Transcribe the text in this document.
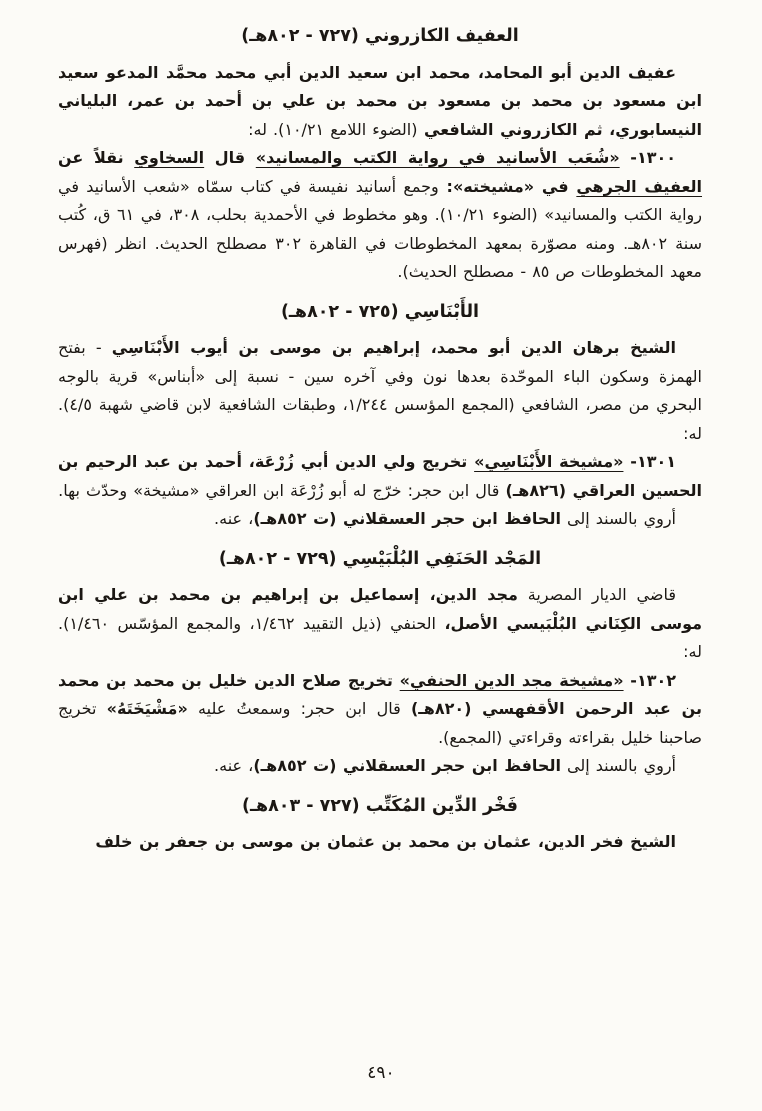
العفيف الكازروني (٧٢٧ - ٨٠٢هـ)

عفيف الدين أبو المحامد، محمد ابن سعيد الدين أبي محمد محمَّد المدعو سعيد ابن مسعود بن محمد بن مسعود بن محمد بن علي بن أحمد بن عمر، البلياني النيسابوري، ثم الكازروني الشافعي (الضوء اللامع ١٠/٢١). له:

١٣٠٠- «شُعَب الأسانيد في رواية الكتب والمسانيد» قال السخاوي نقلاً عن العفيف الجرهي في «مشيخته»: وجمع أسانيد نفيسة في كتاب سمّاه «شعب الأسانيد في رواية الكتب والمسانيد» (الضوء ١٠/٢١). وهو مخطوط في الأحمدية بحلب، ٣٠٨، في ٦١ ق، كُتب سنة ٨٠٢هـ. ومنه مصوّرة بمعهد المخطوطات في القاهرة ٣٠٢ مصطلح الحديث. انظر (فهرس معهد المخطوطات ص ٨٥ - مصطلح الحديث).

الأَبْنَاسِي (٧٢٥ - ٨٠٢هـ)

الشيخ برهان الدين أبو محمد، إبراهيم بن موسى بن أيوب الأَبْنَاسِي - بفتح الهمزة وسكون الباء الموحّدة بعدها نون وفي آخره سين - نسبة إلى «أبناس» قرية بالوجه البحري من مصر، الشافعي (المجمع المؤسس ١/٢٤٤، وطبقات الشافعية لابن قاضي شهبة ٤/٥). له:

١٣٠١- «مشيخة الأَبْنَاسِي» تخريج ولي الدين أبي زُرْعَة، أحمد بن عبد الرحيم بن الحسين العراقي (٨٢٦هـ) قال ابن حجر: خرّج له أبو زُرْعَة ابن العراقي «مشيخة» وحدّث بها.

أروي بالسند إلى الحافظ ابن حجر العسقلاني (ت ٨٥٢هـ)، عنه.

المَجْد الحَنَفِي البُلْبَيْسِي (٧٢٩ - ٨٠٢هـ)

قاضي الديار المصرية مجد الدين، إسماعيل بن إبراهيم بن محمد بن علي ابن موسى الكِنَاني البُلْبَيسي الأصل، الحنفي (ذيل التقييد ١/٤٦٢، والمجمع المؤسّس ١/٤٦٠). له:

١٣٠٢- «مشيخة مجد الدين الحنفي» تخريج صلاح الدين خليل بن محمد بن محمد بن عبد الرحمن الأقفهسي (٨٢٠هـ) قال ابن حجر: وسمعتُ عليه «مَشْيَخَتَهُ» تخريج صاحبنا خليل بقراءته وقراءتي (المجمع).

أروي بالسند إلى الحافظ ابن حجر العسقلاني (ت ٨٥٢هـ)، عنه.

فَخْر الدِّين المُكَتِّب (٧٢٧ - ٨٠٣هـ)

الشيخ فخر الدين، عثمان بن محمد بن عثمان بن موسى بن جعفر بن خلف

٤٩٠
